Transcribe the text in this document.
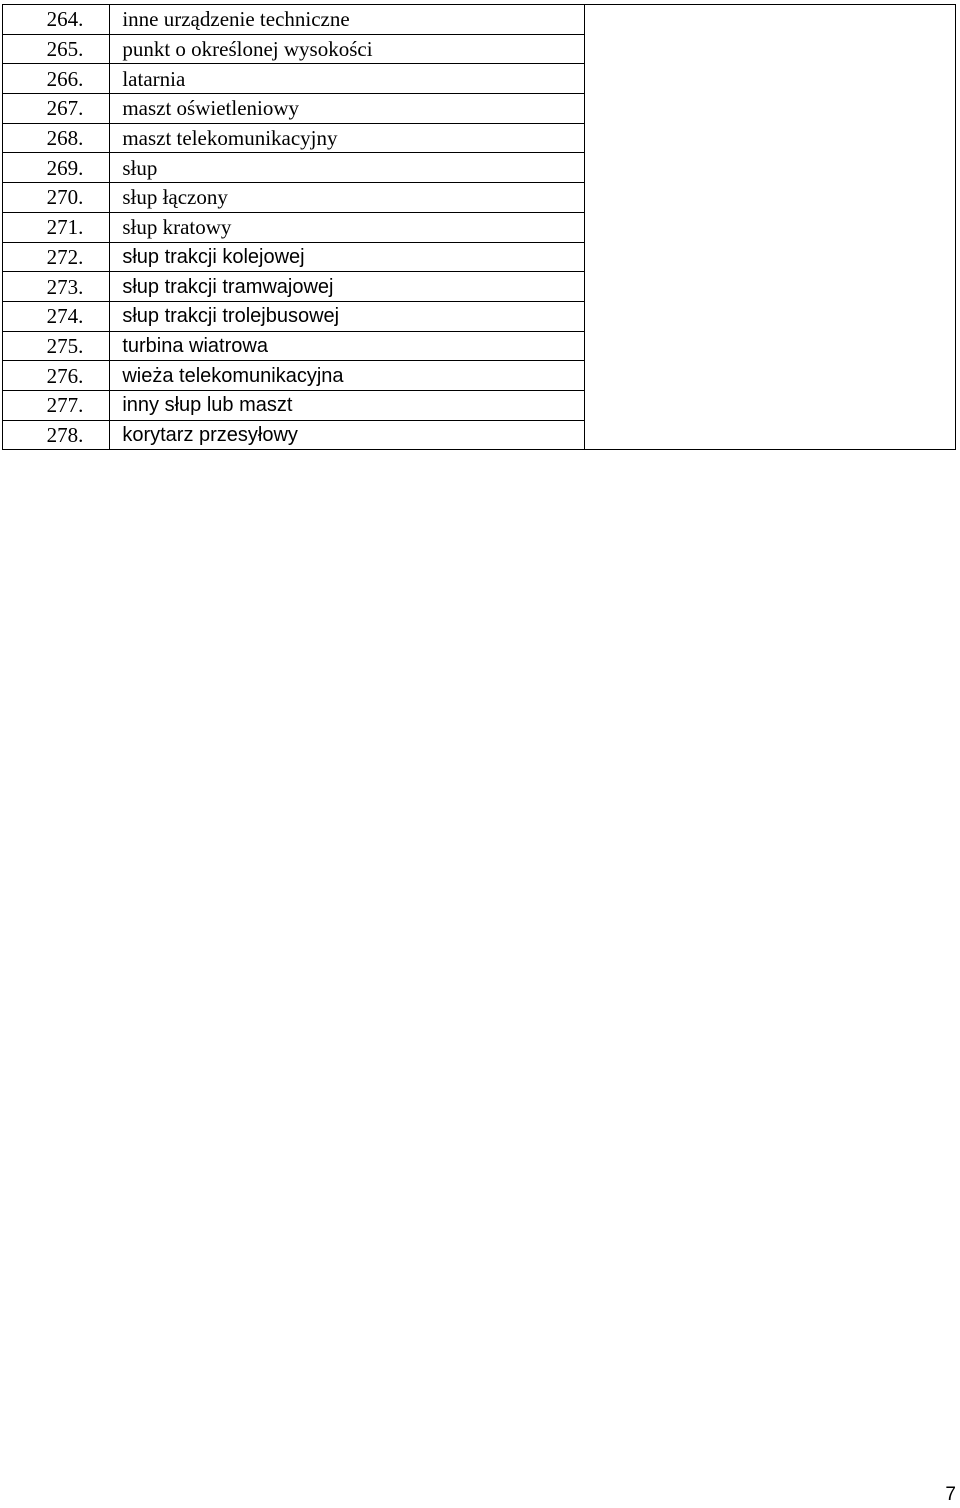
264.	inne urządzenie techniczne	
265.	punkt o określonej wysokości	
266.	latarnia	
267.	maszt oświetleniowy	
268.	maszt telekomunikacyjny	
269.	słup	
270.	słup łączony	
271.	słup kratowy	
272.	słup trakcji kolejowej	
273.	słup trakcji tramwajowej	
274.	słup trakcji trolejbusowej	
275.	turbina wiatrowa	
276.	wieża telekomunikacyjna	
277.	inny słup lub maszt	
278.	korytarz przesyłowy	
7
